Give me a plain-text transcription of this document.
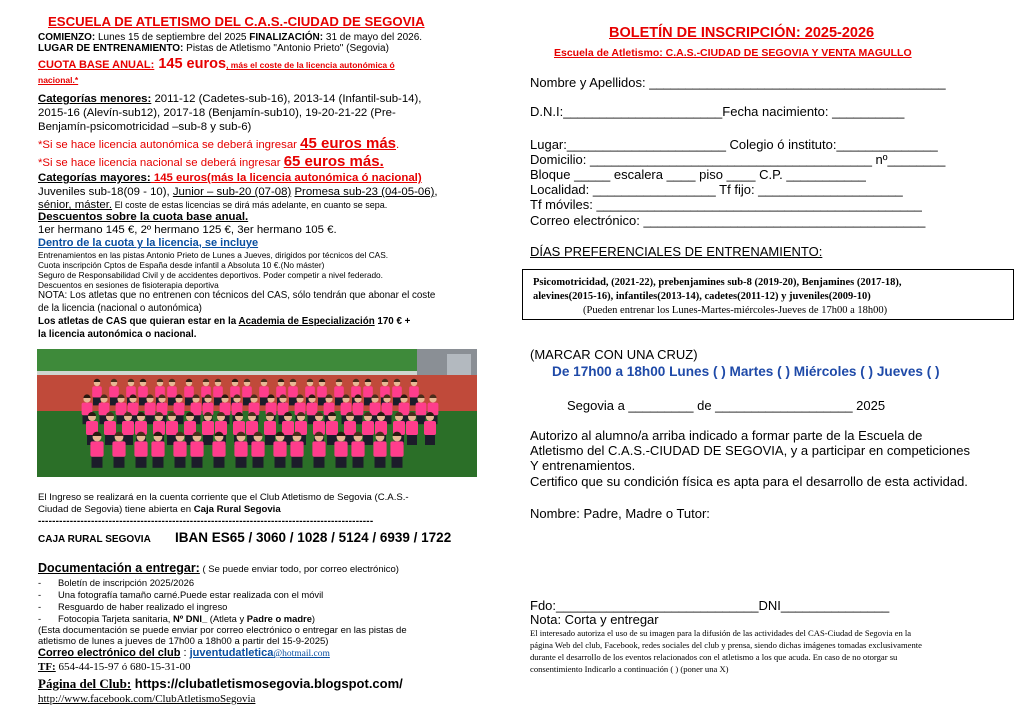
ESCUELA DE ATLETISMO DEL C.A.S.-CIUDAD DE SEGOVIA
COMIENZO: Lunes 15 de septiembre del 2025 FINALIZACIÓN: 31 de mayo del 2026.
LUGAR DE ENTRENAMIENTO: Pistas de Atletismo "Antonio Prieto" (Segovia)
CUOTA BASE ANUAL: 145 euros, más el coste de la licencia autonómica ó
nacional.*
Categorías menores: 2011-12 (Cadetes-sub-16), 2013-14 (Infantil-sub-14),
2015-16 (Alevín-sub12), 2017-18 (Benjamín-sub10), 19-20-21-22 (Pre-
Benjamín-psicomotricidad –sub-8 y sub-6)
*Si se hace licencia autonómica se deberá ingresar 45 euros más.
*Si se hace licencia nacional se deberá ingresar 65 euros más.
Categorías mayores: 145 euros(más la licencia autonómica ó nacional)
Juveniles sub-18(09 - 10), Junior – sub-20 (07-08) Promesa sub-23 (04-05-06),
sénior, máster. El coste de estas licencias se dirá más adelante, en cuanto se sepa.
Descuentos sobre la cuota base anual.
1er hermano 145 €, 2º hermano 125 €, 3er hermano 105 €.
Dentro de la cuota y la licencia, se incluye
Entrenamientos en las pistas Antonio Prieto de Lunes a Jueves, dirigidos por técnicos del CAS.
Cuota inscripción Cptos de España desde infantil a Absoluta 10 €.(No máster)
Seguro de Responsabilidad Civil y de accidentes deportivos. Poder competir a nivel federado.
Descuentos en sesiones de fisioterapia deportiva
NOTA: Los atletas que no entrenen con técnicos del CAS, sólo tendrán que abonar el coste
de la licencia (nacional o autonómica)
Los atletas de CAS que quieran estar en la Academia de Especialización 170 € +
la licencia autonómica o nacional.
El Ingreso se realizará en la cuenta corriente que el Club Atletismo de Segovia (C.A.S.-
Ciudad de Segovia) tiene abierta en Caja Rural Segovia
-----------------------------------------------------------------------------------------------
CAJA RURAL SEGOVIA IBAN ES65 / 3060 / 1028 / 5124 / 6939 / 1722
Documentación a entregar: ( Se puede enviar todo, por correo electrónico)
- Boletín de inscripción 2025/2026
- Una fotografía tamaño carné.Puede estar realizada con el móvil
- Resguardo de haber realizado el ingreso
- Fotocopia Tarjeta sanitaria, Nº DNI_ (Atleta y Padre o madre)
(Esta documentación se puede enviar por correo electrónico o entregar en las pistas de
atletismo de lunes a jueves de 17h00 a 18h00 a partir del 15-9-2025)
Correo electrónico del club : juventudatletica@hotmail.com
TF: 654-44-15-97 ó 680-15-31-00
Página del Club: https://clubatletismosegovia.blogspot.com/
http://www.facebook.com/ClubAtletismoSegovia
BOLETÍN DE INSCRIPCIÓN: 2025-2026
Escuela de Atletismo: C.A.S.-CIUDAD DE SEGOVIA Y VENTA MAGULLO
Nombre y Apellidos: _________________________________________
D.N.I:______________________Fecha nacimiento: __________
Lugar:______________________ Colegio ó instituto:______________
Domicilio: _______________________________________ nº________
Bloque _____ escalera ____ piso ____ C.P. ___________
Localidad: _________________ Tf fijo: ____________________
Tf móviles: _____________________________________________
Correo electrónico: _______________________________________
DÍAS PREFERENCIALES DE ENTRENAMIENTO:
Psicomotricidad, (2021-22), prebenjamines sub-8 (2019-20), Benjamines (2017-18),
alevines(2015-16), infantiles(2013-14), cadetes(2011-12) y juveniles(2009-10)
(Pueden entrenar los Lunes-Martes-miércoles-Jueves de 17h00 a 18h00)
(MARCAR CON UNA CRUZ)
De 17h00 a 18h00 Lunes ( ) Martes ( ) Miércoles ( ) Jueves ( )
Segovia a _________ de ___________________ 2025
Autorizo al alumno/a arriba indicado a formar parte de la Escuela de
Atletismo del C.A.S.-CIUDAD DE SEGOVIA, y a participar en competiciones
Y entrenamientos.
Certifico que su condición física es apta para el desarrollo de esta actividad.
Nombre: Padre, Madre o Tutor:
Fdo:____________________________DNI_______________
Nota: Corta y entregar
El interesado autoriza el uso de su imagen para la difusión de las actividades del CAS-Ciudad de Segovia en la
página Web del club, Facebook, redes sociales del club y prensa, siendo dichas imágenes tomadas exclusivamente
durante el desarrollo de los eventos relacionados con el atletismo a los que acuda. En caso de no otorgar su
consentimiento Indicarlo a continuación ( ) (poner una X)
